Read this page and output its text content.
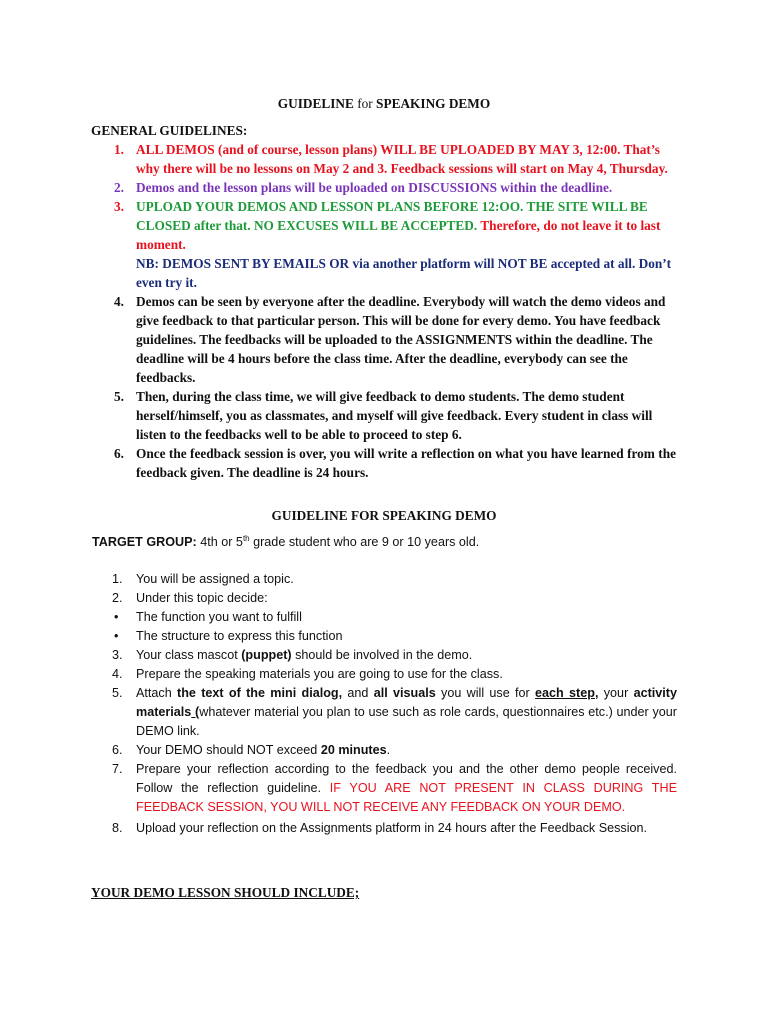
GUIDELINE for SPEAKING DEMO
GENERAL GUIDELINES:
1. ALL DEMOS (and of course, lesson plans) WILL BE UPLOADED BY MAY 3, 12:00. That’s why there will be no lessons on May 2 and 3. Feedback sessions will start on May 4, Thursday.
2. Demos and the lesson plans will be uploaded on DISCUSSIONS within the deadline.
3. UPLOAD YOUR DEMOS AND LESSON PLANS BEFORE 12:OO. THE SITE WILL BE CLOSED after that. NO EXCUSES WILL BE ACCEPTED. Therefore, do not leave it to last moment.
NB: DEMOS SENT BY EMAILS OR via another platform will NOT BE accepted at all. Don’t even try it.
4. Demos can be seen by everyone after the deadline. Everybody will watch the demo videos and give feedback to that particular person. This will be done for every demo. You have feedback guidelines. The feedbacks will be uploaded to the ASSIGNMENTS within the deadline. The deadline will be 4 hours before the class time. After the deadline, everybody can see the feedbacks.
5. Then, during the class time, we will give feedback to demo students. The demo student herself/himself, you as classmates, and myself will give feedback. Every student in class will listen to the feedbacks well to be able to proceed to step 6.
6. Once the feedback session is over, you will write a reflection on what you have learned from the feedback given. The deadline is 24 hours.
GUIDELINE FOR SPEAKING DEMO
TARGET GROUP: 4th or 5th grade student who are 9 or 10 years old.
1. You will be assigned a topic.
2. Under this topic decide:
• The function you want to fulfill
• The structure to express this function
3. Your class mascot (puppet) should be involved in the demo.
4. Prepare the speaking materials you are going to use for the class.
5. Attach the text of the mini dialog, and all visuals you will use for each step, your activity materials (whatever material you plan to use such as role cards, questionnaires etc.) under your DEMO link.
6. Your DEMO should NOT exceed 20 minutes.
7. Prepare your reflection according to the feedback you and the other demo people received. Follow the reflection guideline. IF YOU ARE NOT PRESENT IN CLASS DURING THE FEEDBACK SESSION, YOU WILL NOT RECEIVE ANY FEEDBACK ON YOUR DEMO.
8. Upload your reflection on the Assignments platform in 24 hours after the Feedback Session.
YOUR DEMO LESSON SHOULD INCLUDE;
